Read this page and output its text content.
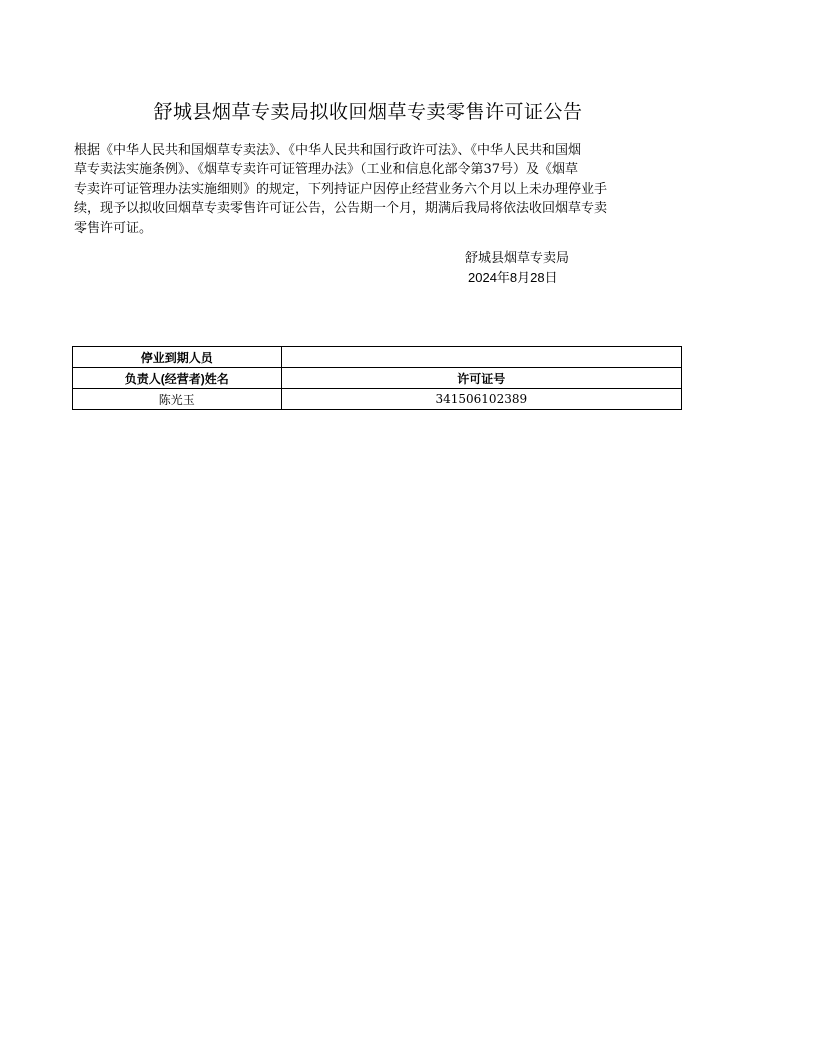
舒城县烟草专卖局拟收回烟草专卖零售许可证公告
根据《中华人民共和国烟草专卖法》、《中华人民共和国行政许可法》、《中华人民共和国烟
草专卖法实施条例》、《烟草专卖许可证管理办法》（工业和信息化部令第37号）及《烟草
专卖许可证管理办法实施细则》的规定，下列持证户因停止经营业务六个月以上未办理停业手
续，现予以拟收回烟草专卖零售许可证公告，公告期一个月，期满后我局将依法收回烟草专卖
零售许可证。
舒城县烟草专卖局
2024年8月28日
停业到期人员	
负责人(经营者)姓名	许可证号
陈光玉	341506102389
